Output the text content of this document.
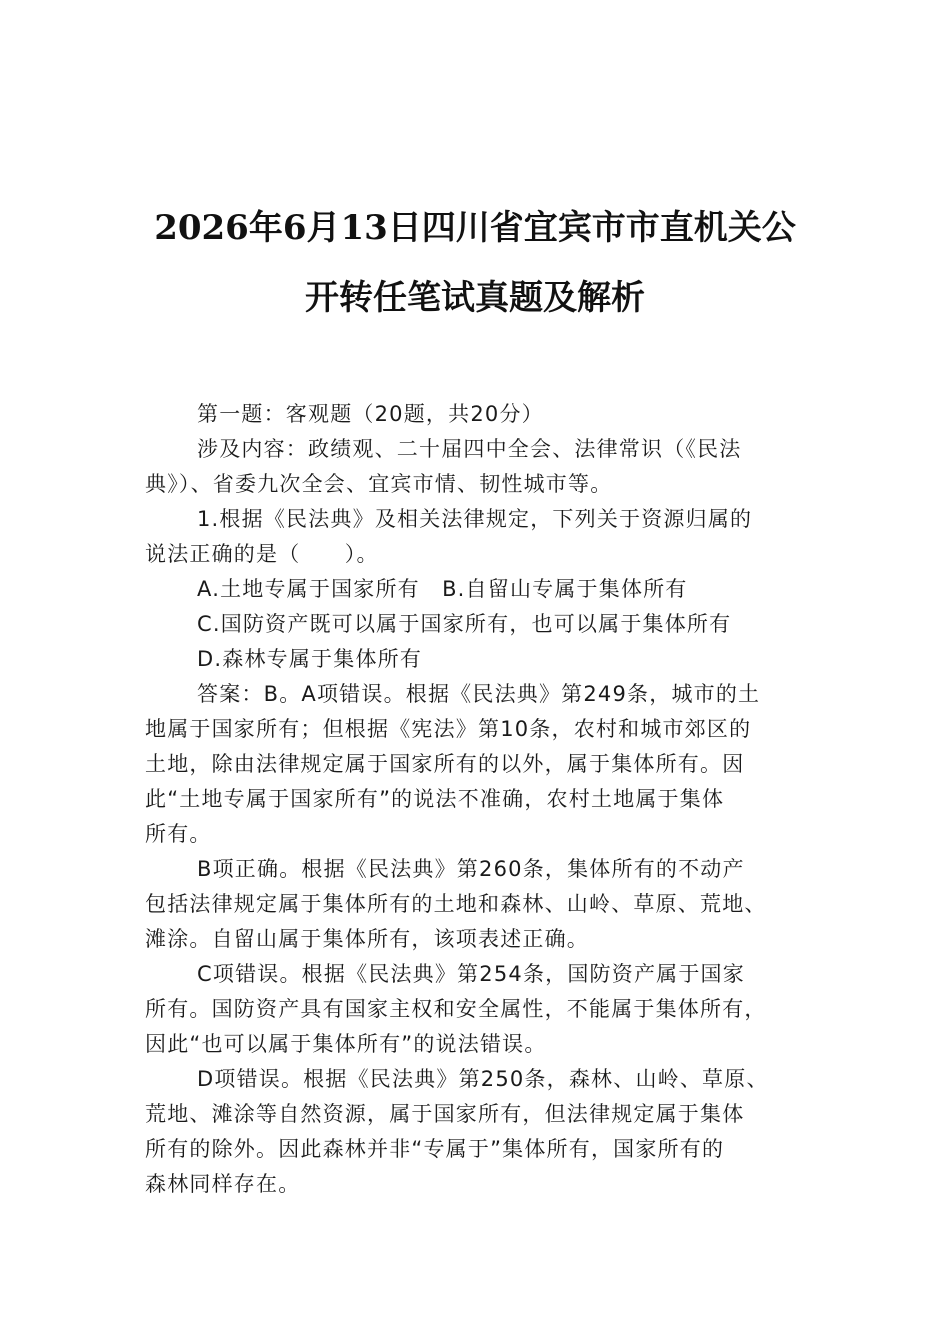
2026年6月13日四川省宜宾市市直机关公
开转任笔试真题及解析
第一题：客观题（20题，共20分）
涉及内容：政绩观、二十届四中全会、法律常识（《民法
典》）、省委九次全会、宜宾市情、韧性城市等。
1.根据《民法典》及相关法律规定，下列关于资源归属的
说法正确的是（　　）。
A.土地专属于国家所有　B.自留山专属于集体所有
C.国防资产既可以属于国家所有，也可以属于集体所有
D.森林专属于集体所有
答案：B。A项错误。根据《民法典》第249条，城市的土
地属于国家所有；但根据《宪法》第10条，农村和城市郊区的
土地，除由法律规定属于国家所有的以外，属于集体所有。因
此“土地专属于国家所有”的说法不准确，农村土地属于集体
所有。
B项正确。根据《民法典》第260条，集体所有的不动产
包括法律规定属于集体所有的土地和森林、山岭、草原、荒地、
滩涂。自留山属于集体所有，该项表述正确。
C项错误。根据《民法典》第254条，国防资产属于国家
所有。国防资产具有国家主权和安全属性，不能属于集体所有，
因此“也可以属于集体所有”的说法错误。
D项错误。根据《民法典》第250条，森林、山岭、草原、
荒地、滩涂等自然资源，属于国家所有，但法律规定属于集体
所有的除外。因此森林并非“专属于”集体所有，国家所有的
森林同样存在。
